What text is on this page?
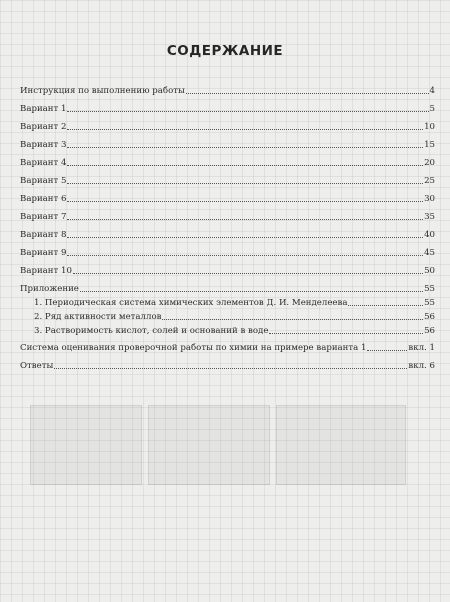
СОДЕРЖАНИЕ
Инструкция по выполнению работы	4
Вариант 1	5
Вариант 2	10
Вариант 3	15
Вариант 4	20
Вариант 5	25
Вариант 6	30
Вариант 7	35
Вариант 8	40
Вариант 9	45
Вариант 10	50
Приложение	55
1. Периодическая система химических элементов Д. И. Менделеева	55
2. Ряд активности металлов	56
3. Растворимость кислот, солей и оснований в воде	56
Система оценивания проверочной работы по химии на примере варианта 1	вкл. 1
Ответы	вкл. 6
